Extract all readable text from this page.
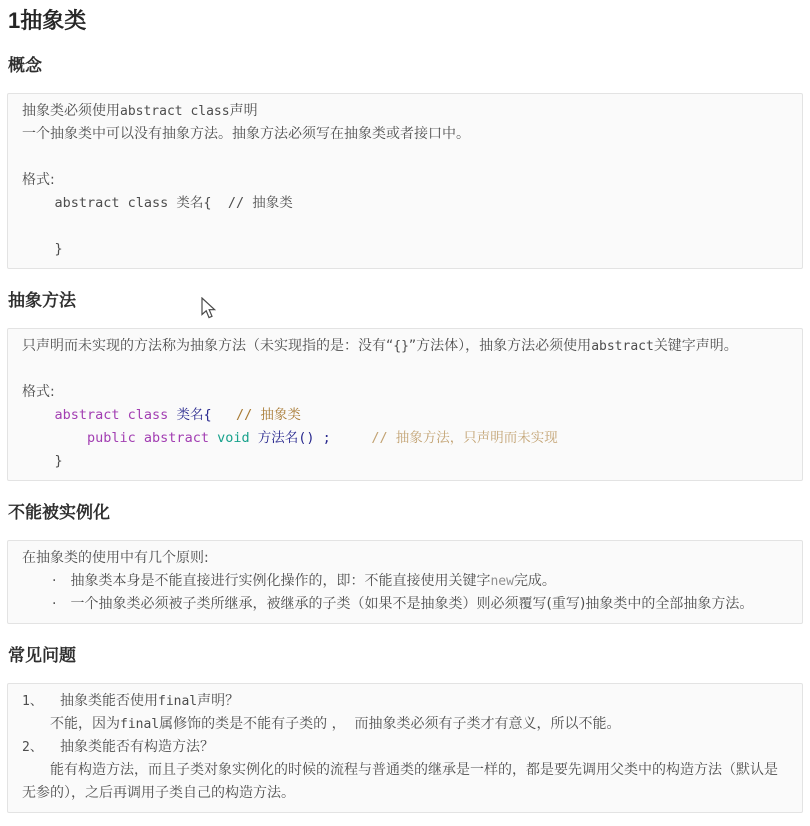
1抽象类
概念
抽象类必须使用abstract class声明
一个抽象类中可以没有抽象方法。抽象方法必须写在抽象类或者接口中。
格式:
abstract class 类名{  // 抽象类
}
抽象方法
只声明而未实现的方法称为抽象方法（未实现指的是：没有“{}”方法体），抽象方法必须使用abstract关键字声明。
格式:
abstract class 类名{   // 抽象类
public abstract void 方法名() ;     // 抽象方法，只声明而未实现
}
不能被实例化
在抽象类的使用中有几个原则:
· 抽象类本身是不能直接进行实例化操作的，即：不能直接使用关键字new完成。
· 一个抽象类必须被子类所继承，被继承的子类（如果不是抽象类）则必须覆写(重写)抽象类中的全部抽象方法。
常见问题
1、 抽象类能否使用final声明？
不能，因为final属修饰的类是不能有子类的 ，  而抽象类必须有子类才有意义，所以不能。
2、 抽象类能否有构造方法？
能有构造方法，而且子类对象实例化的时候的流程与普通类的继承是一样的，都是要先调用父类中的构造方法（默认是无参的），之后再调用子类自己的构造方法。
